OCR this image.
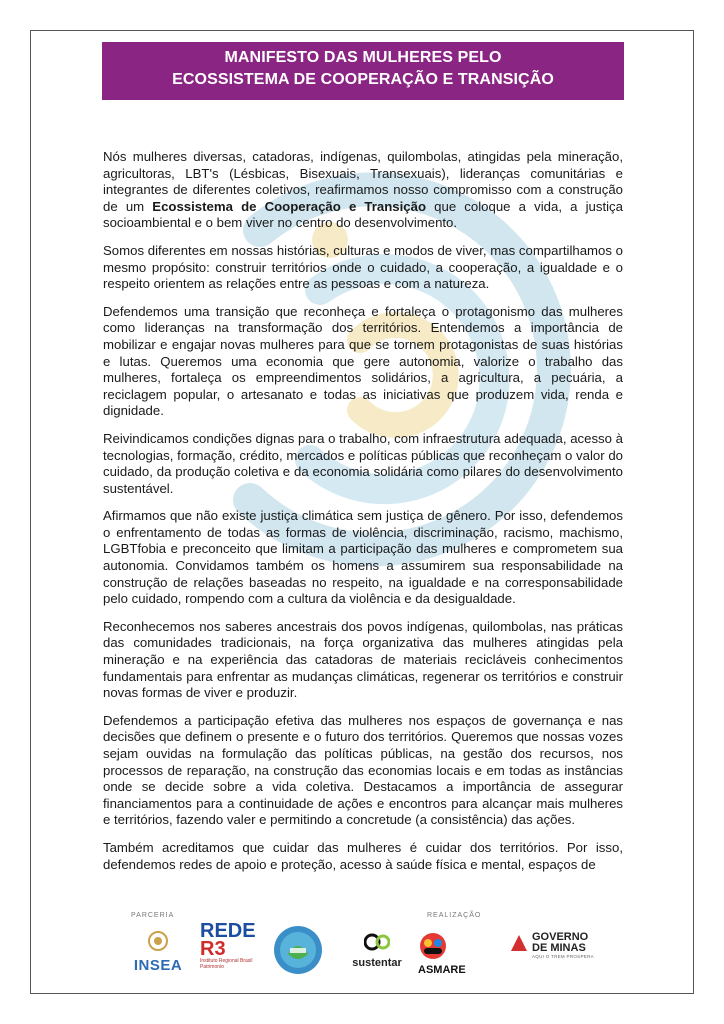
MANIFESTO DAS MULHERES PELO
ECOSSISTEMA DE COOPERAÇÃO E TRANSIÇÃO

Nós mulheres diversas, catadoras, indígenas, quilombolas, atingidas pela mineração, agricultoras, LBT's (Lésbicas, Bisexuais, Transexuais), lideranças comunitárias e integrantes de diferentes coletivos, reafirmamos nosso compromisso com a construção de um Ecossistema de Cooperação e Transição que coloque a vida, a justiça socioambiental e o bem viver no centro do desenvolvimento.

Somos diferentes em nossas histórias, culturas e modos de viver, mas compartilhamos o mesmo propósito: construir territórios onde o cuidado, a cooperação, a igualdade e o respeito orientem as relações entre as pessoas e com a natureza.

Defendemos uma transição que reconheça e fortaleça o protagonismo das mulheres como lideranças na transformação dos territórios. Entendemos a importância de mobilizar e engajar novas mulheres para que se tornem protagonistas de suas histórias e lutas. Queremos uma economia que gere autonomia, valorize o trabalho das mulheres, fortaleça os empreendimentos solidários, a agricultura, a pecuária, a reciclagem popular, o artesanato e todas as iniciativas que produzem vida, renda e dignidade.

Reivindicamos condições dignas para o trabalho, com infraestrutura adequada, acesso à tecnologias, formação, crédito, mercados e políticas públicas que reconheçam o valor do cuidado, da produção coletiva e da economia solidária como pilares do desenvolvimento sustentável.

Afirmamos que não existe justiça climática sem justiça de gênero. Por isso, defendemos o enfrentamento de todas as formas de violência, discriminação, racismo, machismo, LGBTfobia e preconceito que limitam a participação das mulheres e comprometem sua autonomia. Convidamos também os homens a assumirem sua responsabilidade na construção de relações baseadas no respeito, na igualdade e na corresponsabilidade pelo cuidado, rompendo com a cultura da violência e da desigualdade.

Reconhecemos nos saberes ancestrais dos povos indígenas, quilombolas, nas práticas das comunidades tradicionais, na força organizativa das mulheres atingidas pela mineração e na experiência das catadoras de materiais recicláveis conhecimentos fundamentais para enfrentar as mudanças climáticas, regenerar os territórios e construir novas formas de viver e produzir.

Defendemos a participação efetiva das mulheres nos espaços de governança e nas decisões que definem o presente e o futuro dos territórios. Queremos que nossas vozes sejam ouvidas na formulação das políticas públicas, na gestão dos recursos, nos processos de reparação, na construção das economias locais e em todas as instâncias onde se decide sobre a vida coletiva. Destacamos a importância de assegurar financiamentos para a continuidade de ações e encontros para alcançar mais mulheres e territórios, fazendo valer e permitindo a concretude (a consistência) das ações.

Também acreditamos que cuidar das mulheres é cuidar dos territórios. Por isso, defendemos redes de apoio e proteção, acesso à saúde física e mental, espaços de

PARCERIA	REALIZAÇÃO
INSEA
REDE
R3
Instituto Regional Brasil Patrimonio	sustentar
ASMARE
GOVERNO
DE MINAS
AQUI O TREM PROSPERA
